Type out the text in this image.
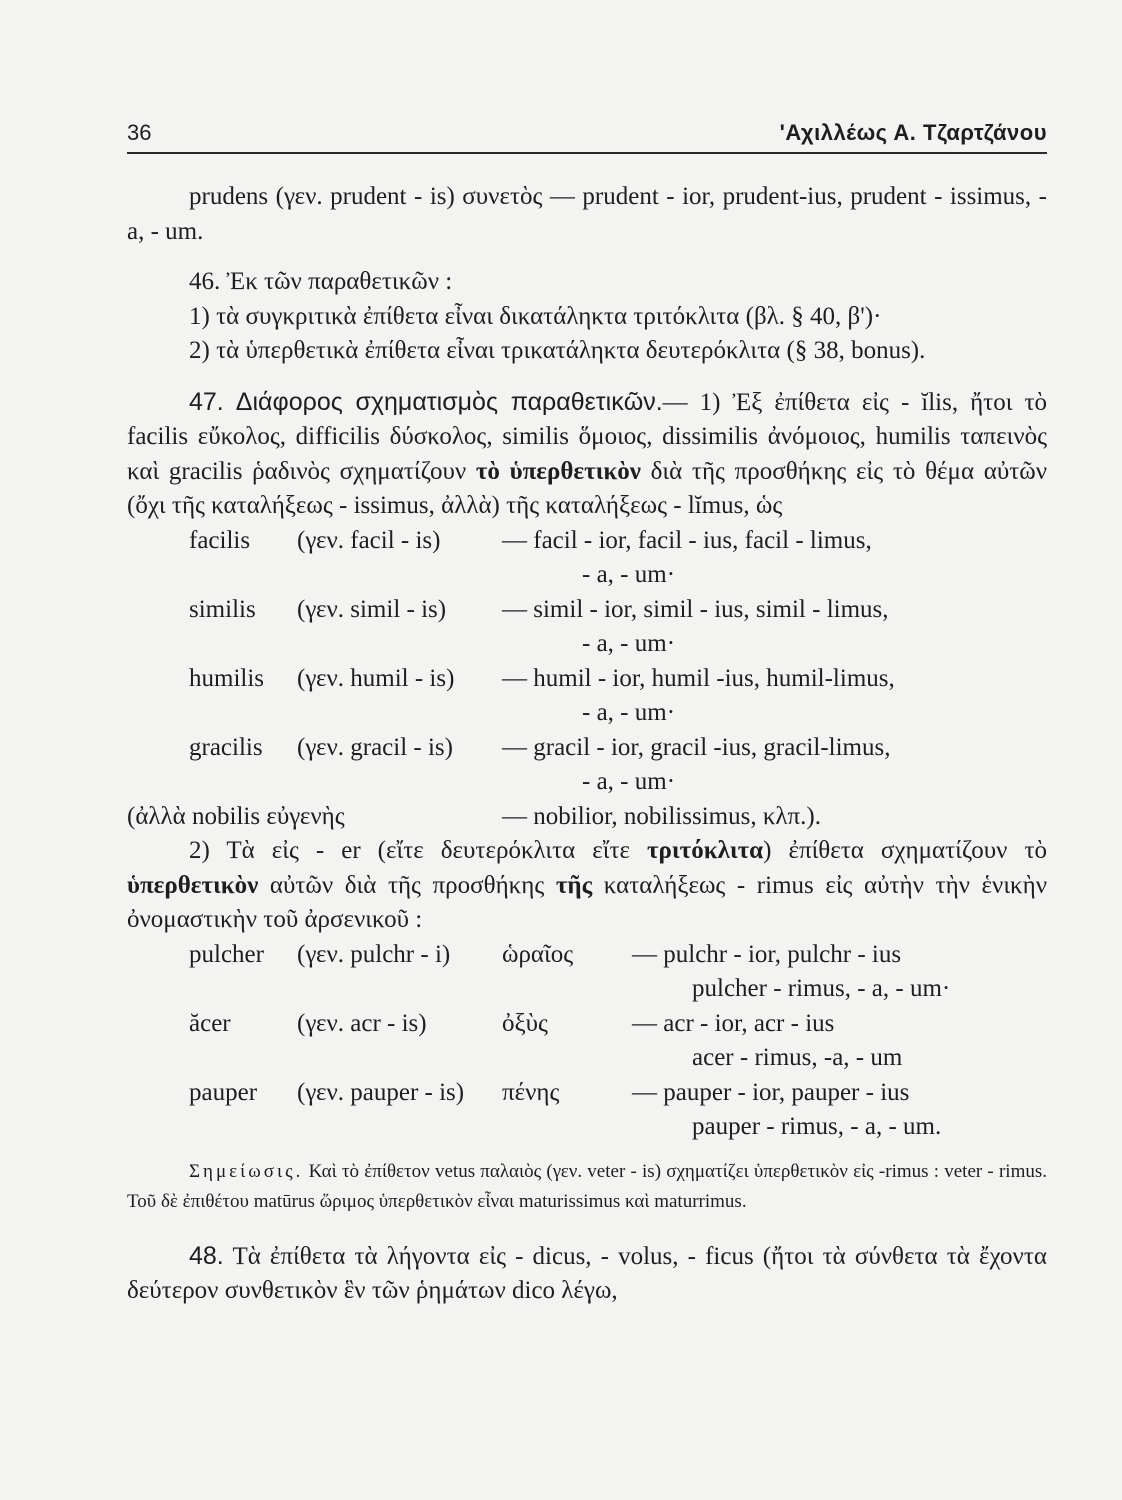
36	'Αχιλλέως Α. Τζαρτζάνου

prudens (γεν. prudent - is) συνετὸς — prudent - ior, prudent-ius, prudent - issimus, - a, - um.

46. Ἐκ τῶν παραθετικῶν :

1) τὰ συγκριτικὰ ἐπίθετα εἶναι δικατάληκτα τριτόκλιτα (βλ. § 40, β')·

2) τὰ ὑπερθετικὰ ἐπίθετα εἶναι τρικατάληκτα δευτερόκλιτα (§ 38, bonus).

47. Διάφορος σχηματισμὸς παραθετικῶν.— 1) Ἐξ ἐπίθετα εἰς - ĭlis, ἤτοι τὸ facilis εὔκολος, difficilis δύσκολος, similis ὅμοιος, dissimilis ἀνόμοιος, humilis ταπεινὸς καὶ gracilis ῥαδινὸς σχηματίζουν τὸ ὑπερθετικὸν διὰ τῆς προσθήκης εἰς τὸ θέμα αὐτῶν (ὄχι τῆς καταλήξεως - issimus, ἀλλὰ) τῆς καταλήξεως - lĭmus, ὡς

facilis (γεν. facil - is) — facil - ior, facil - ius, facil - limus,
- a, - um·
similis (γεν. simil - is) — simil - ior, simil - ius, simil - limus,
- a, - um·
humilis (γεν. humil - is) — humil - ior, humil -ius, humil-limus,
- a, - um·
gracilis (γεν. gracil - is) — gracil - ior, gracil -ius, gracil-limus,
- a, - um·
(ἀλλὰ nobilis εὐγενὴς	— nobilior, nobilissimus, κλπ.).

2) Τὰ εἰς - er (εἴτε δευτερόκλιτα εἴτε τριτόκλιτα) ἐπίθετα σχηματίζουν τὸ ὑπερθετικὸν αὐτῶν διὰ τῆς προσθήκης τῆς καταλήξεως - rimus εἰς αὐτὴν τὴν ἑνικὴν ὀνομαστικὴν τοῦ ἀρσενικοῦ :

pulcher (γεν. pulchr - i) ὡραῖος — pulchr - ior, pulchr - ius
pulcher - rimus, - a, - um·
ăcer	(γεν. acr - is)	ὀξὺς	— acr - ior, acr - ius
acer - rimus, -a, - um
pauper (γεν. pauper - is) πένης	— pauper - ior, pauper - ius
pauper - rimus, - a, - um.

Σημείωσις. Καὶ τὸ ἐπίθετον vetus παλαιὸς (γεν. veter - is) σχηματίζει ὑπερθετικὸν εἰς -rimus : veter - rimus. Τοῦ δὲ ἐπιθέτου matūrus ὥριμος ὑπερθετικὸν εἶναι maturissimus καὶ maturrimus.

48. Τὰ ἐπίθετα τὰ λήγοντα εἰς - dicus, - volus, - ficus (ἤτοι τὰ σύνθετα τὰ ἔχοντα δεύτερον συνθετικὸν ἓν τῶν ῥημάτων dico λέγω,
